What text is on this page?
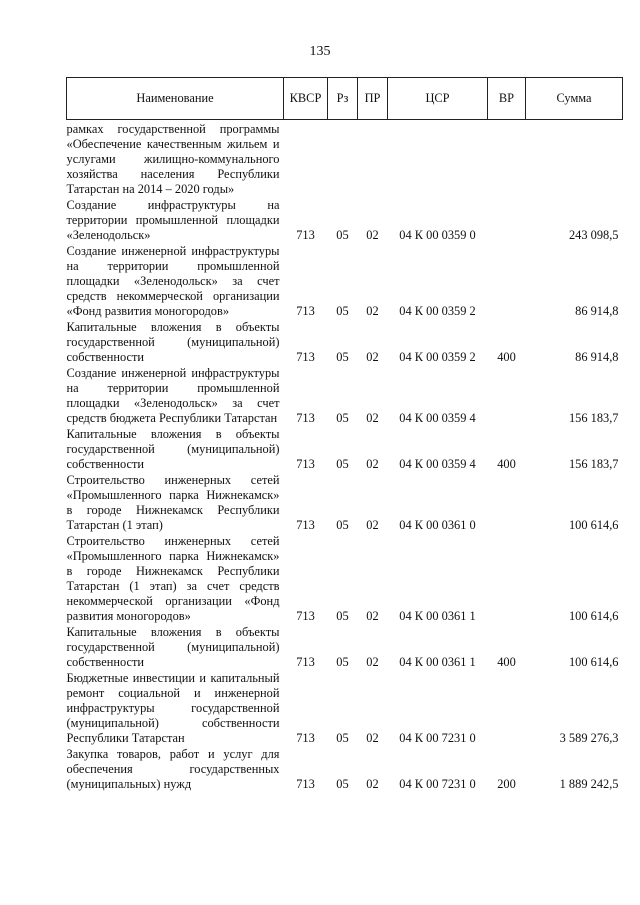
135
Наименование	КВСР	Рз	ПР	ЦСР	ВР	Сумма
рамках государственной программы «Обеспечение качественным жильем и услугами жилищно-коммунального хозяйства населения Республики Татарстан на 2014 – 2020 годы»						
Создание инфраструктуры на территории промышленной площадки «Зеленодольск»	713	05	02	04 К 00 0359 0		243 098,5
Создание инженерной инфраструктуры на территории промышленной площадки «Зеленодольск» за счет средств некоммерческой организации «Фонд развития моногородов»	713	05	02	04 К 00 0359 2		86 914,8
Капитальные вложения в объекты государственной (муниципальной) собственности	713	05	02	04 К 00 0359 2	400	86 914,8
Создание инженерной инфраструктуры на территории промышленной площадки «Зеленодольск» за счет средств бюджета Республики Татарстан	713	05	02	04 К 00 0359 4		156 183,7
Капитальные вложения в объекты государственной (муниципальной) собственности	713	05	02	04 К 00 0359 4	400	156 183,7
Строительство инженерных сетей «Промышленного парка Нижнекамск» в городе Нижнекамск Республики Татарстан (1 этап)	713	05	02	04 К 00 0361 0		100 614,6
Строительство инженерных сетей «Промышленного парка Нижнекамск» в городе Нижнекамск Республики Татарстан (1 этап) за счет средств некоммерческой организации «Фонд развития моногородов»	713	05	02	04 К 00 0361 1		100 614,6
Капитальные вложения в объекты государственной (муниципальной) собственности	713	05	02	04 К 00 0361 1	400	100 614,6
Бюджетные инвестиции и капитальный ремонт социальной и инженерной инфраструктуры государственной (муниципальной) собственности Республики Татарстан	713	05	02	04 К 00 7231 0		3 589 276,3
Закупка товаров, работ и услуг для обеспечения государственных (муниципальных) нужд	713	05	02	04 К 00 7231 0	200	1 889 242,5
